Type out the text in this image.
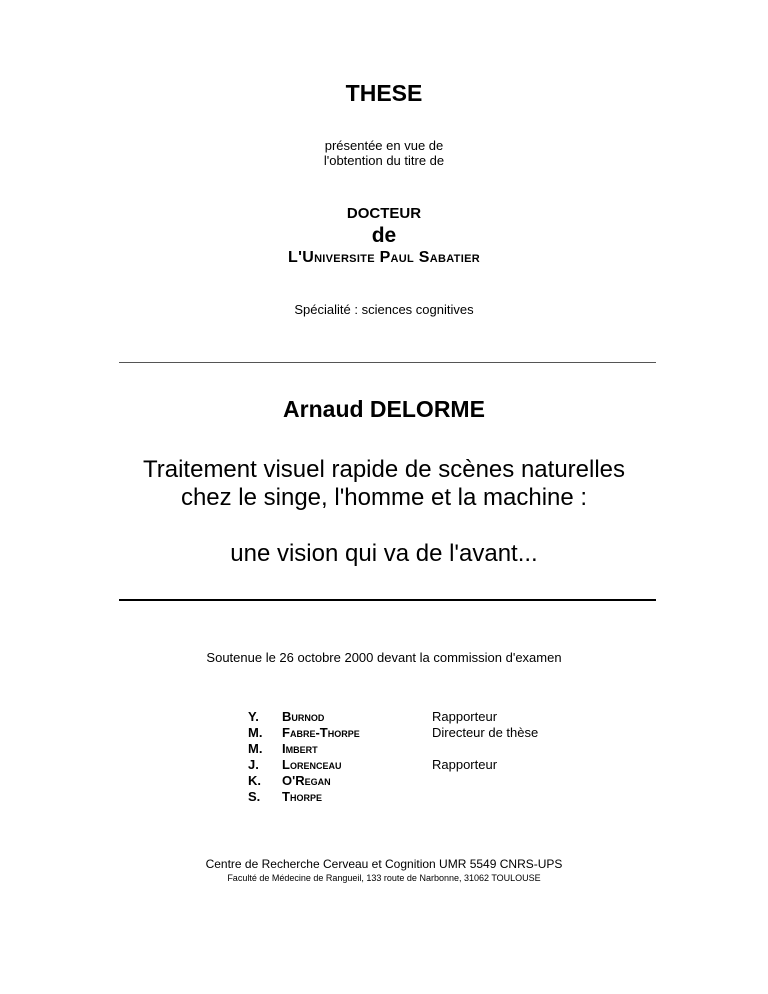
THESE
présentée en vue de
l'obtention du titre de
DOCTEUR
de
L'Universite Paul Sabatier
Spécialité : sciences cognitives
Arnaud DELORME
Traitement visuel rapide de scènes naturelles
chez le singe, l'homme et la machine :
une vision qui va de l'avant...
Soutenue le 26 octobre 2000 devant la commission d'examen
Y. Burnod	Rapporteur
M. Fabre-Thorpe	Directeur de thèse
M. Imbert
J. Lorenceau	Rapporteur
K. O'Regan
S. Thorpe
Centre de Recherche Cerveau et Cognition UMR 5549 CNRS-UPS
Faculté de Médecine de Rangueil, 133 route de Narbonne, 31062 TOULOUSE
